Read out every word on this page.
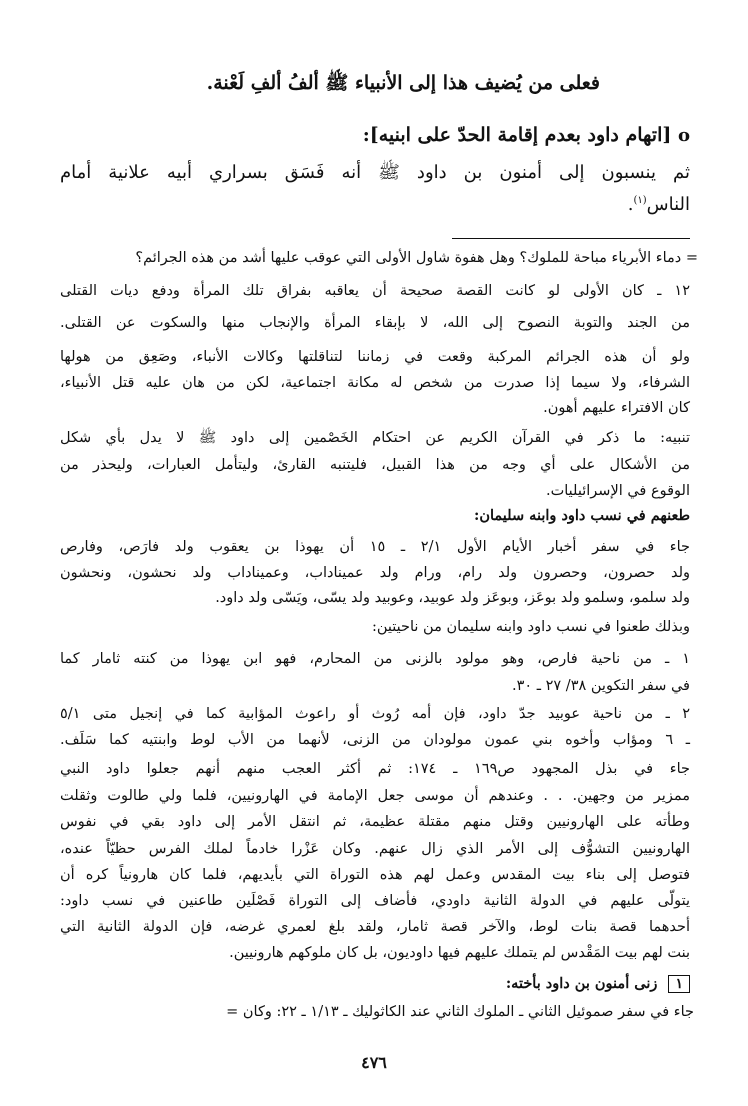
فعلى من يُضيف هذا إلى الأنبياء ﷺ ألفُ ألفِ لَعْنة.
o [اتهام داود بعدم إقامة الحدّ على ابنيه]:
ثم ينسبون إلى أمنون بن داود ﷺ أنه فَسَق بسراري أبيه علانية أمام
الناس$^{(١)}$.
= دماء الأبرياء مباحة للملوك؟ وهل هفوة شاول الأولى التي عوقب عليها أشد من هذه الجرائم؟
١٢ ـ كان الأولى لو كانت القصة صحيحة أن يعاقبه بفراق تلك المرأة ودفع ديات القتلى
من الجند والتوبة النصوح إلى الله، لا بإبقاء المرأة والإنجاب منها والسكوت عن القتلى.
ولو أن هذه الجرائم المركبة وقعت في زماننا لتناقلتها وكالات الأنباء، وصَعِق من هولها
الشرفاء، ولا سيما إذا صدرت من شخص له مكانة اجتماعية، لكن من هان عليه قتل الأنبياء،
كان الافتراء عليهم أهون.
تنبيه: ما ذكر في القرآن الكريم عن احتكام الخَصْمين إلى داود ﷺ لا يدل بأي شكل
من الأشكال على أي وجه من هذا القبيل، فليتنبه القارئ، وليتأمل العبارات، وليحذر من
الوقوع في الإسرائيليات.
طعنهم في نسب داود وابنه سليمان:
جاء في سفر أخبار الأيام الأول ٢/١ ـ ١٥ أن يهوذا بن يعقوب ولد فارَص، وفارص
ولد حصرون، وحصرون ولد رام، ورام ولد عميناداب، وعميناداب ولد نحشون، ونحشون
ولد سلمو، وسلمو ولد بوعَز، وبوعَز ولد عوبيد، وعوبيد ولد يسّى، ويَسّى ولد داود.
وبذلك طعنوا في نسب داود وابنه سليمان من ناحيتين:
١ ـ من ناحية فارص، وهو مولود بالزنى من المحارم، فهو ابن يهوذا من كنته ثامار كما
في سفر التكوين ٣٨/ ٢٧ ـ ٣٠.
٢ ـ من ناحية عوبيد جدّ داود، فإن أمه رُوث أو راعوث المؤابية كما في إنجيل متى ٥/١
ـ ٦ ومؤاب وأخوه بني عمون مولودان من الزنى، لأنهما من الأب لوط وابنتيه كما سَلَف.
جاء في بذل المجهود ص١٦٩ ـ ١٧٤: ثم أكثر العجب منهم أنهم جعلوا داود النبي
ممزير من وجهين. . . وعندهم أن موسى جعل الإمامة في الهارونيين، فلما ولي طالوت وثقلت
وطأته على الهارونيين وقتل منهم مقتلة عظيمة، ثم انتقل الأمر إلى داود بقي في نفوس
الهارونيين التشوُّف إلى الأمر الذي زال عنهم. وكان عَزْرا خادماً لملك الفرس حظيّاً عنده،
فتوصل إلى بناء بيت المقدس وعمل لهم هذه التوراة التي بأيديهم، فلما كان هارونياً كره أن
يتولّى عليهم في الدولة الثانية داودي، فأضاف إلى التوراة فَصْلَين طاعنين في نسب داود:
أحدهما قصة بنات لوط، والآخر قصة ثامار، ولقد بلغ لعمري غرضه، فإن الدولة الثانية التي
بنت لهم بيت المَقْدس لم يتملك عليهم فيها داوديون، بل كان ملوكهم هارونيين.
١ زنى أمنون بن داود بأخته:
جاء في سفر صموئيل الثاني ـ الملوك الثاني عند الكاثوليك ـ ١/١٣ ـ ٢٢: وكان =
٤٧٦
